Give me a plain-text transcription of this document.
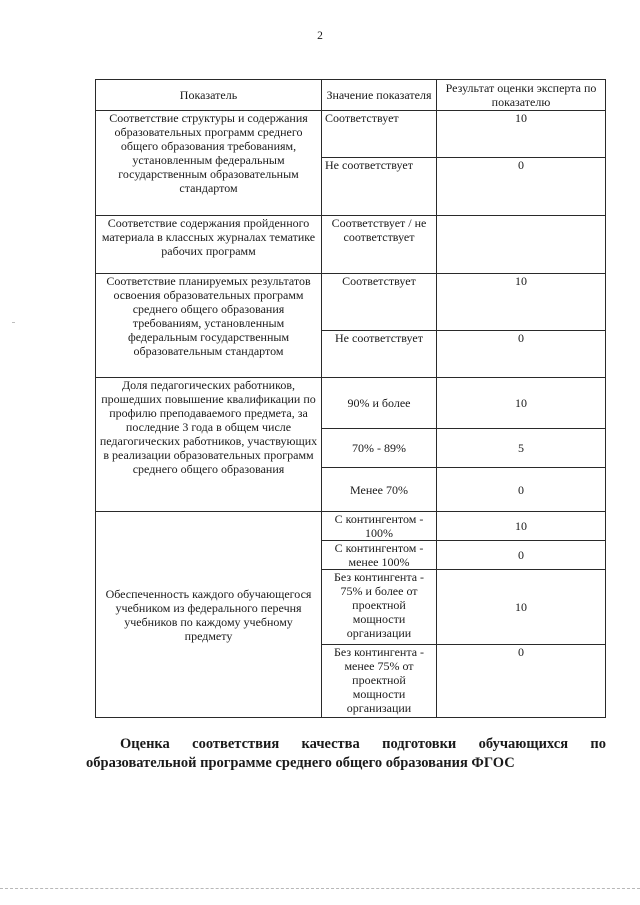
2
Показатель	Значение показателя	Результат оценки эксперта по показателю
Соответствие структуры и содержания образовательных программ среднего общего образования требованиям, установленным федеральным государственным образовательным стандартом	Соответствует	10
	Не соответствует	0
Соответствие содержания пройденного материала в классных журналах тематике рабочих программ	Соответствует / не соответствует	
Соответствие планируемых результатов освоения образовательных программ среднего общего образования требованиям, установленным федеральным государственным образовательным стандартом	Соответствует	10
	Не соответствует	0
Доля педагогических работников, прошедших повышение квалификации по профилю преподаваемого предмета, за последние 3 года в общем числе педагогических работников, участвующих в реализации образовательных программ среднего общего образования	90% и более	10
	70% - 89%	5
	Менее 70%	0
Обеспеченность каждого обучающегося учебником из федерального перечня учебников по каждому учебному предмету	С контингентом - 100%	10
	С контингентом - менее 100%	0
	Без контингента - 75% и более от проектной мощности организации	10
	Без контингента - менее 75% от проектной мощности организации	0
Оценка соответствия качества подготовки обучающихся по
образовательной программе среднего общего образования ФГОС
